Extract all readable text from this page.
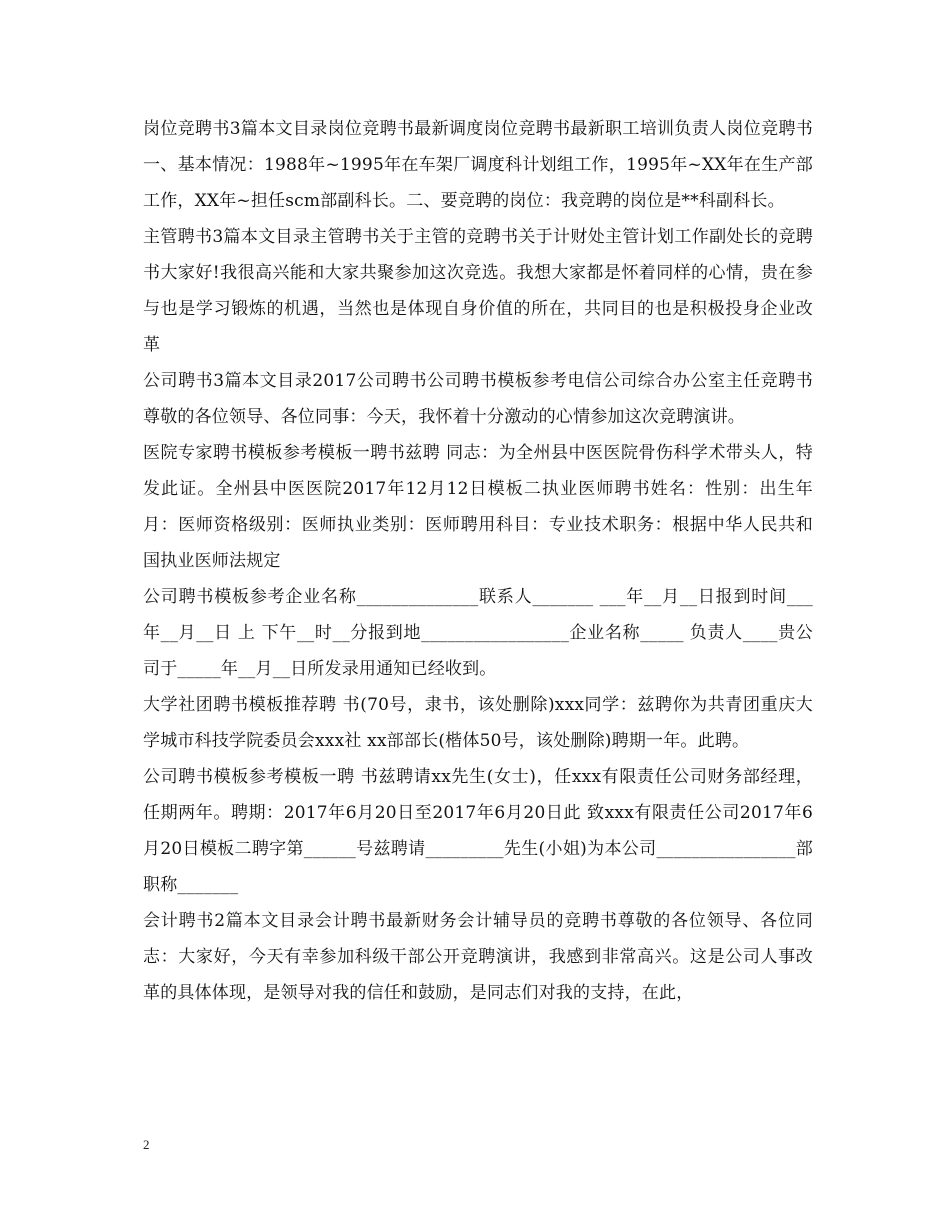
岗位竞聘书3篇本文目录岗位竞聘书最新调度岗位竞聘书最新职工培训负责人岗位竞聘书一、基本情况：1988年~1995年在车架厂调度科计划组工作，1995年~XX年在生产部工作，XX年~担任scm部副科长。二、要竞聘的岗位：我竞聘的岗位是**科副科长。

主管聘书3篇本文目录主管聘书关于主管的竞聘书关于计财处主管计划工作副处长的竞聘书大家好!我很高兴能和大家共聚参加这次竞选。我想大家都是怀着同样的心情，贵在参与也是学习锻炼的机遇，当然也是体现自身价值的所在，共同目的也是积极投身企业改革

公司聘书3篇本文目录2017公司聘书公司聘书模板参考电信公司综合办公室主任竞聘书尊敬的各位领导、各位同事：今天，我怀着十分激动的心情参加这次竞聘演讲。

医院专家聘书模板参考模板一聘书兹聘 同志：为全州县中医医院骨伤科学术带头人，特发此证。全州县中医医院2017年12月12日模板二执业医师聘书姓名：性别：出生年月：医师资格级别：医师执业类别：医师聘用科目：专业技术职务：根据中华人民共和国执业医师法规定

公司聘书模板参考企业名称______________联系人_______ ___年__月__日报到时间___年__月__日 上 下午__时__分报到地_________________企业名称_____ 负责人____贵公司于_____年__月__日所发录用通知已经收到。

大学社团聘书模板推荐聘 书(70号，隶书，该处删除)xxx同学：兹聘你为共青团重庆大学城市科技学院委员会xxx社 xx部部长(楷体50号，该处删除)聘期一年。此聘。

公司聘书模板参考模板一聘 书兹聘请xx先生(女士)，任xxx有限责任公司财务部经理，任期两年。聘期：2017年6月20日至2017年6月20日此 致xxx有限责任公司2017年6月20日模板二聘字第______号兹聘请_________先生(小姐)为本公司________________部 职称_______

会计聘书2篇本文目录会计聘书最新财务会计辅导员的竞聘书尊敬的各位领导、各位同志：大家好，今天有幸参加科级干部公开竞聘演讲，我感到非常高兴。这是公司人事改革的具体体现，是领导对我的信任和鼓励，是同志们对我的支持，在此，

2
